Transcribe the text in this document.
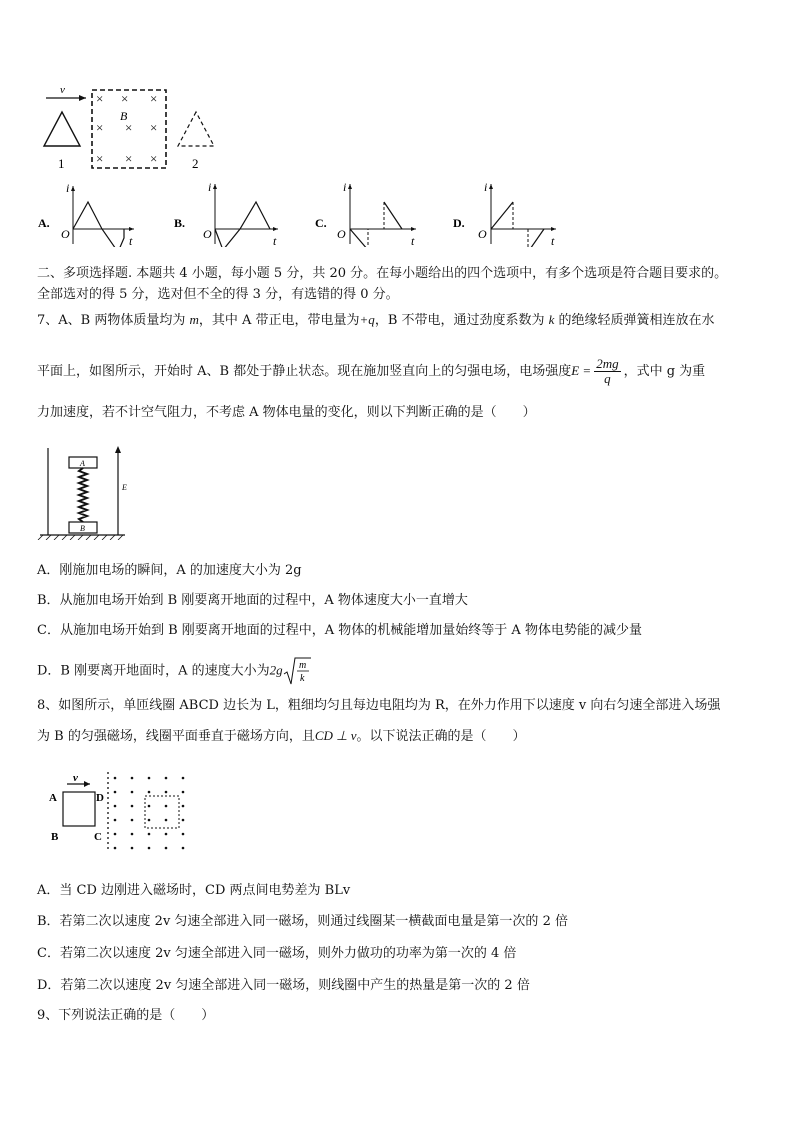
v
1
× × ×
× × ×
× × ×
B
2
A.
i
O	t
B.
i
O	t
C.
i
O	t
D.
i
O	t
二、多项选择题. 本题共 4 小题，每小题 5 分，共 20 分。在每小题给出的四个选项中，有多个选项是符合题目要求的。
全部选对的得 5 分，选对但不全的得 3 分，有选错的得 0 分。
7、A、B 两物体质量均为 m，其中 A 带正电，带电量为+q，B 不带电，通过劲度系数为 k 的绝缘轻质弹簧相连放在水
平面上，如图所示，开始时 A、B 都处于静止状态。现在施加竖直向上的匀强电场，电场强度$E = \frac{2mg}{q}$ ，式中 g 为重
力加速度，若不计空气阻力，不考虑 A 物体电量的变化，则以下判断正确的是（　　）
E
A
B
A．刚施加电场的瞬间，A 的加速度大小为 2g
B．从施加电场开始到 B 刚要离开地面的过程中，A 物体速度大小一直增大
C．从施加电场开始到 B 刚要离开地面的过程中，A 物体的机械能增加量始终等于 A 物体电势能的减少量
D．B 刚要离开地面时，A 的速度大小为2g m
k
8、如图所示，单匝线圈 ABCD 边长为 L，粗细均匀且每边电阻均为 R，在外力作用下以速度 v 向右匀速全部进入场强
为 B 的匀强磁场，线圈平面垂直于磁场方向，且CD ⊥ v。以下说法正确的是（　　）
v
A
B	C
D
A．当 CD 边刚进入磁场时，CD 两点间电势差为 BLv
B．若第二次以速度 2v 匀速全部进入同一磁场，则通过线圈某一横截面电量是第一次的 2 倍
C．若第二次以速度 2v 匀速全部进入同一磁场，则外力做功的功率为第一次的 4 倍
D．若第二次以速度 2v 匀速全部进入同一磁场，则线圈中产生的热量是第一次的 2 倍
9、下列说法正确的是（　　）
